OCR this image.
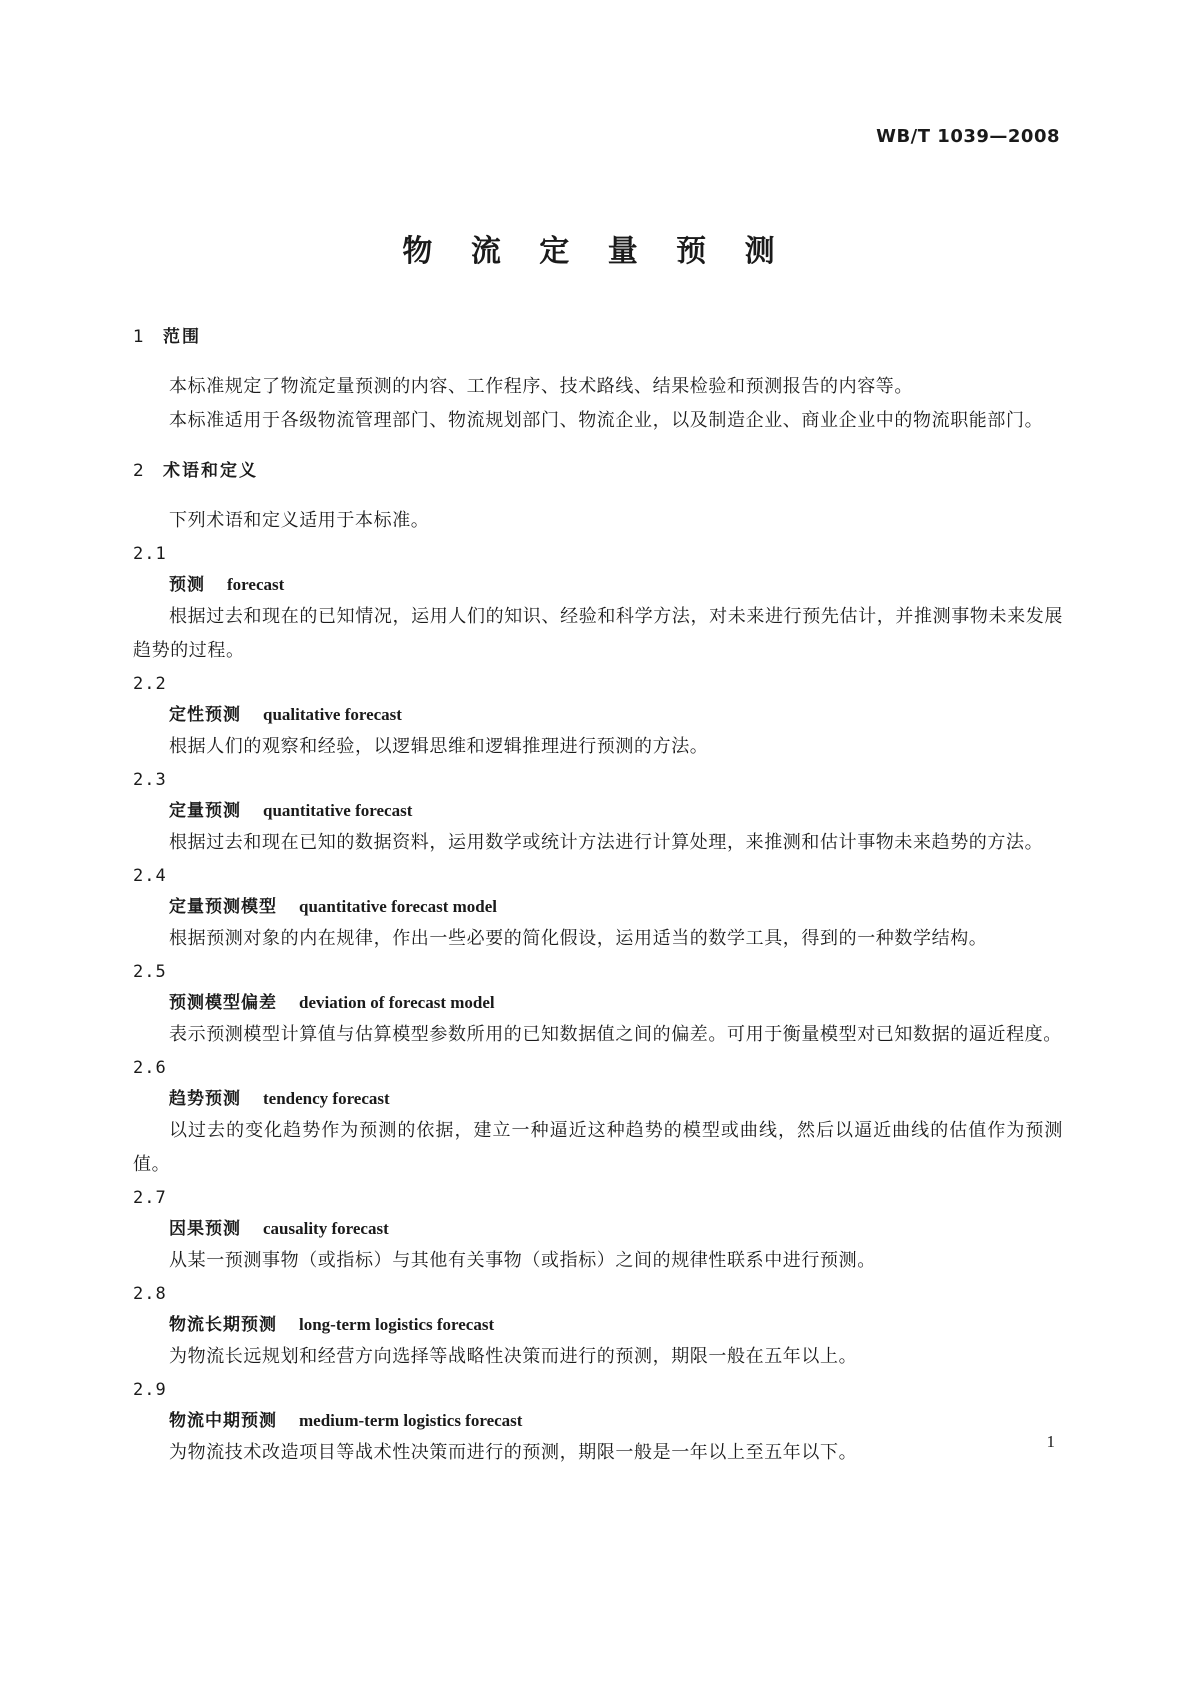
WB/T 1039—2008
物 流 定 量 预 测
1 范围
本标准规定了物流定量预测的内容、工作程序、技术路线、结果检验和预测报告的内容等。
本标准适用于各级物流管理部门、物流规划部门、物流企业，以及制造企业、商业企业中的物流职能部门。
2 术语和定义
下列术语和定义适用于本标准。
2.1
预测 forecast
根据过去和现在的已知情况，运用人们的知识、经验和科学方法，对未来进行预先估计，并推测事物未来发展趋势的过程。
2.2
定性预测 qualitative forecast
根据人们的观察和经验，以逻辑思维和逻辑推理进行预测的方法。
2.3
定量预测 quantitative forecast
根据过去和现在已知的数据资料，运用数学或统计方法进行计算处理，来推测和估计事物未来趋势的方法。
2.4
定量预测模型 quantitative forecast model
根据预测对象的内在规律，作出一些必要的简化假设，运用适当的数学工具，得到的一种数学结构。
2.5
预测模型偏差 deviation of forecast model
表示预测模型计算值与估算模型参数所用的已知数据值之间的偏差。可用于衡量模型对已知数据的逼近程度。
2.6
趋势预测 tendency forecast
以过去的变化趋势作为预测的依据，建立一种逼近这种趋势的模型或曲线，然后以逼近曲线的估值作为预测值。
2.7
因果预测 causality forecast
从某一预测事物（或指标）与其他有关事物（或指标）之间的规律性联系中进行预测。
2.8
物流长期预测 long-term logistics forecast
为物流长远规划和经营方向选择等战略性决策而进行的预测，期限一般在五年以上。
2.9
物流中期预测 medium-term logistics forecast
为物流技术改造项目等战术性决策而进行的预测，期限一般是一年以上至五年以下。
1
